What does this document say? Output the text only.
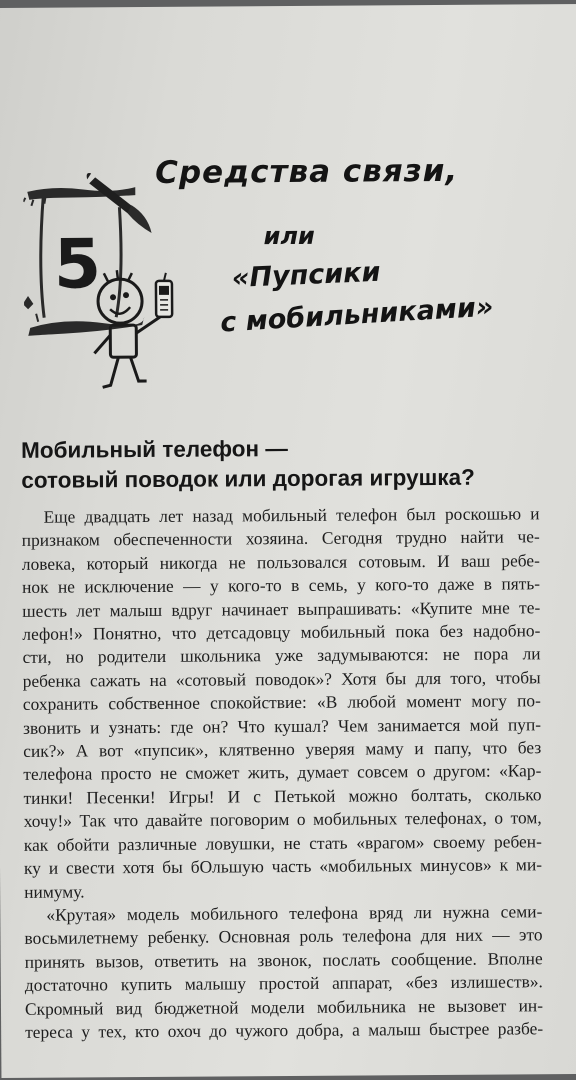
5
Средства связи,
или
«Пупсики
с мобильниками»
Мобильный телефон —
сотовый поводок или дорогая игрушка?
Еще двадцать лет назад мобильный телефон был роскошью и
признаком обеспеченности хозяина. Сегодня трудно найти че-
ловека, который никогда не пользовался сотовым. И ваш ребе-
нок не исключение — у кого-то в семь, у кого-то даже в пять-
шесть лет малыш вдруг начинает выпрашивать: «Купите мне те-
лефон!» Понятно, что детсадовцу мобильный пока без надобно-
сти, но родители школьника уже задумываются: не пора ли
ребенка сажать на «сотовый поводок»? Хотя бы для того, чтобы
сохранить собственное спокойствие: «В любой момент могу по-
звонить и узнать: где он? Что кушал? Чем занимается мой пуп-
сик?» А вот «пупсик», клятвенно уверяя маму и папу, что без
телефона просто не сможет жить, думает совсем о другом: «Кар-
тинки! Песенки! Игры! И с Петькой можно болтать, сколько
хочу!» Так что давайте поговорим о мобильных телефонах, о том,
как обойти различные ловушки, не стать «врагом» своему ребен-
ку и свести хотя бы бОльшую часть «мобильных минусов» к ми-
нимуму.
«Крутая» модель мобильного телефона вряд ли нужна семи-
восьмилетнему ребенку. Основная роль телефона для них — это
принять вызов, ответить на звонок, послать сообщение. Вполне
достаточно купить малышу простой аппарат, «без излишеств».
Скромный вид бюджетной модели мобильника не вызовет ин-
тереса у тех, кто охоч до чужого добра, а малыш быстрее разбе-
